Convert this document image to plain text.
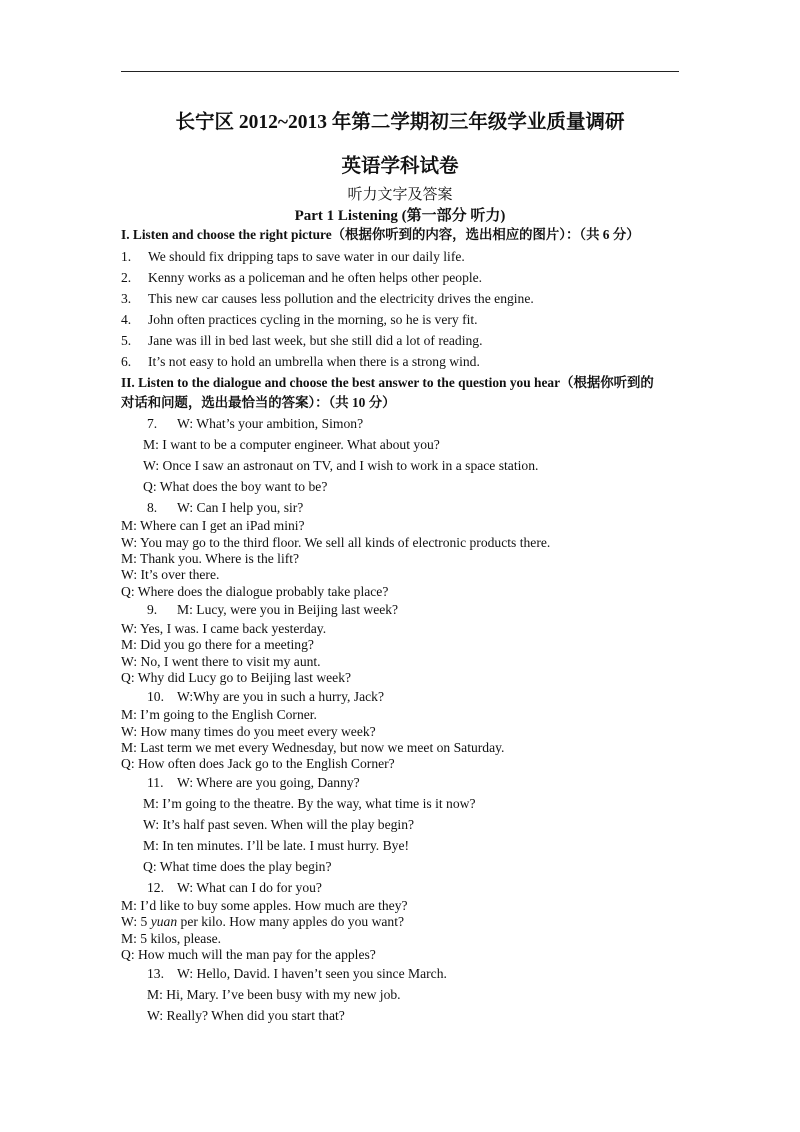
长宁区 2012~2013 年第二学期初三年级学业质量调研
英语学科试卷
听力文字及答案
Part 1 Listening (第一部分 听力)
I. Listen and choose the right picture（根据你听到的内容，选出相应的图片）：（共 6 分）
1. We should fix dripping taps to save water in our daily life.
2. Kenny works as a policeman and he often helps other people.
3. This new car causes less pollution and the electricity drives the engine.
4. John often practices cycling in the morning, so he is very fit.
5. Jane was ill in bed last week, but she still did a lot of reading.
6. It’s not easy to hold an umbrella when there is a strong wind.
II. Listen to the dialogue and choose the best answer to the question you hear（根据你听到的
对话和问题，选出最恰当的答案）：（共 10 分）
7. W: What’s your ambition, Simon?
M: I want to be a computer engineer. What about you?
W: Once I saw an astronaut on TV, and I wish to work in a space station.
Q: What does the boy want to be?
8. W: Can I help you, sir?
M: Where can I get an iPad mini?
W: You may go to the third floor. We sell all kinds of electronic products there.
M: Thank you. Where is the lift?
W: It’s over there.
Q: Where does the dialogue probably take place?
9. M: Lucy, were you in Beijing last week?
W: Yes, I was. I came back yesterday.
M: Did you go there for a meeting?
W: No, I went there to visit my aunt.
Q: Why did Lucy go to Beijing last week?
10. W:Why are you in such a hurry, Jack?
M: I’m going to the English Corner.
W: How many times do you meet every week?
M: Last term we met every Wednesday, but now we meet on Saturday.
Q: How often does Jack go to the English Corner?
11. W: Where are you going, Danny?
M: I’m going to the theatre. By the way, what time is it now?
W: It’s half past seven. When will the play begin?
M: In ten minutes. I’ll be late. I must hurry. Bye!
Q: What time does the play begin?
12. W: What can I do for you?
M: I’d like to buy some apples. How much are they?
W: 5 yuan per kilo. How many apples do you want?
M: 5 kilos, please.
Q: How much will the man pay for the apples?
13. W: Hello, David. I haven’t seen you since March.
M: Hi, Mary. I’ve been busy with my new job.
W: Really? When did you start that?
